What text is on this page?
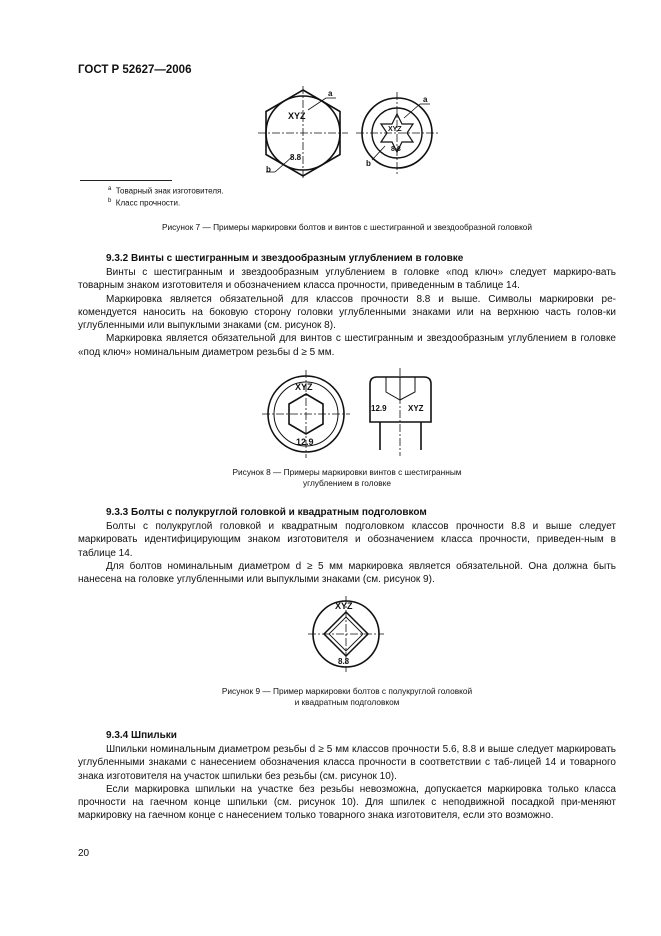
ГОСТ Р 52627—2006
XYZ
8.8
a
b
XYZ
8.8
a
b
$^а$ Товарный знак изготовителя.
$^b$ Класс прочности.
Рисунок 7 — Примеры маркировки болтов и винтов с шестигранной и звездообразной головкой
9.3.2 Винты с шестигранным и звездообразным углублением в головке
Винты с шестигранным и звездообразным углублением в головке «под ключ» следует маркиро-вать товарным знаком изготовителя и обозначением класса прочности, приведенным в таблице 14.
Маркировка является обязательной для классов прочности 8.8 и выше. Символы маркировки ре-комендуется наносить на боковую сторону головки углубленными знаками или на верхнюю часть голов-ки углубленными или выпуклыми знаками (см. рисунок 8).
Маркировка является обязательной для винтов с шестигранным и звездообразным углублением в головке «под ключ» номинальным диаметром резьбы d ≥ 5 мм.
XYZ
12.9
12.9	XYZ
Рисунок 8 — Примеры маркировки винтов с шестигранным
углублением в головке
9.3.3 Болты с полукруглой головкой и квадратным подголовком
Болты с полукруглой головкой и квадратным подголовком классов прочности 8.8 и выше следует маркировать идентифицирующим знаком изготовителя и обозначением класса прочности, приведен-ным в таблице 14.
Для болтов номинальным диаметром d ≥ 5 мм маркировка является обязательной. Она должна быть нанесена на головке углубленными или выпуклыми знаками (см. рисунок 9).
XYZ
8.8
Рисунок 9 — Пример маркировки болтов с полукруглой головкой
и квадратным подголовком
9.3.4 Шпильки
Шпильки номинальным диаметром резьбы d ≥ 5 мм классов прочности 5.6, 8.8 и выше следует маркировать углубленными знаками с нанесением обозначения класса прочности в соответствии с таб-лицей 14 и товарного знака изготовителя на участок шпильки без резьбы (см. рисунок 10).
Если маркировка шпильки на участке без резьбы невозможна, допускается маркировка только класса прочности на гаечном конце шпильки (см. рисунок 10). Для шпилек с неподвижной посадкой при-меняют маркировку на гаечном конце с нанесением только товарного знака изготовителя, если это возможно.
20
